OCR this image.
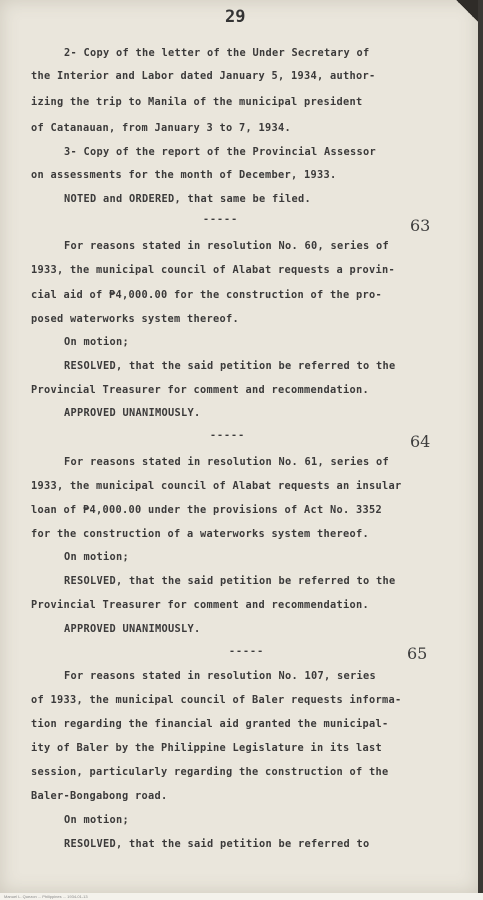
29
2- Copy of the letter of the Under Secretary of
the Interior and Labor dated January 5, 1934, author-
izing the trip to Manila of the municipal president
of Catanauan, from January 3 to 7, 1934.
3- Copy of the report of the Provincial Assessor
on assessments for the month of December, 1933.
NOTED and ORDERED, that same be filed.
-----	63
For reasons stated in resolution No. 60, series of
1933, the municipal council of Alabat requests a provin-
cial aid of ₱4,000.00 for the construction of the pro-
posed waterworks system thereof.
On motion;
RESOLVED, that the said petition be referred to the
Provincial Treasurer for comment and recommendation.
APPROVED UNANIMOUSLY.
-----	64
For reasons stated in resolution No. 61, series of
1933, the municipal council of Alabat requests an insular
loan of ₱4,000.00 under the provisions of Act No. 3352
for the construction of a waterworks system thereof.
On motion;
RESOLVED, that the said petition be referred to the
Provincial Treasurer for comment and recommendation.
APPROVED UNANIMOUSLY.
-----	65
For reasons stated in resolution No. 107, series
of 1933, the municipal council of Baler requests informa-
tion regarding the financial aid granted the municipal-
ity of Baler by the Philippine Legislature in its last
session, particularly regarding the construction of the
Baler-Bongabong road.
On motion;
RESOLVED, that the said petition be referred to
Manuel L. Quezon ... Philippines ... 1934-01-13
